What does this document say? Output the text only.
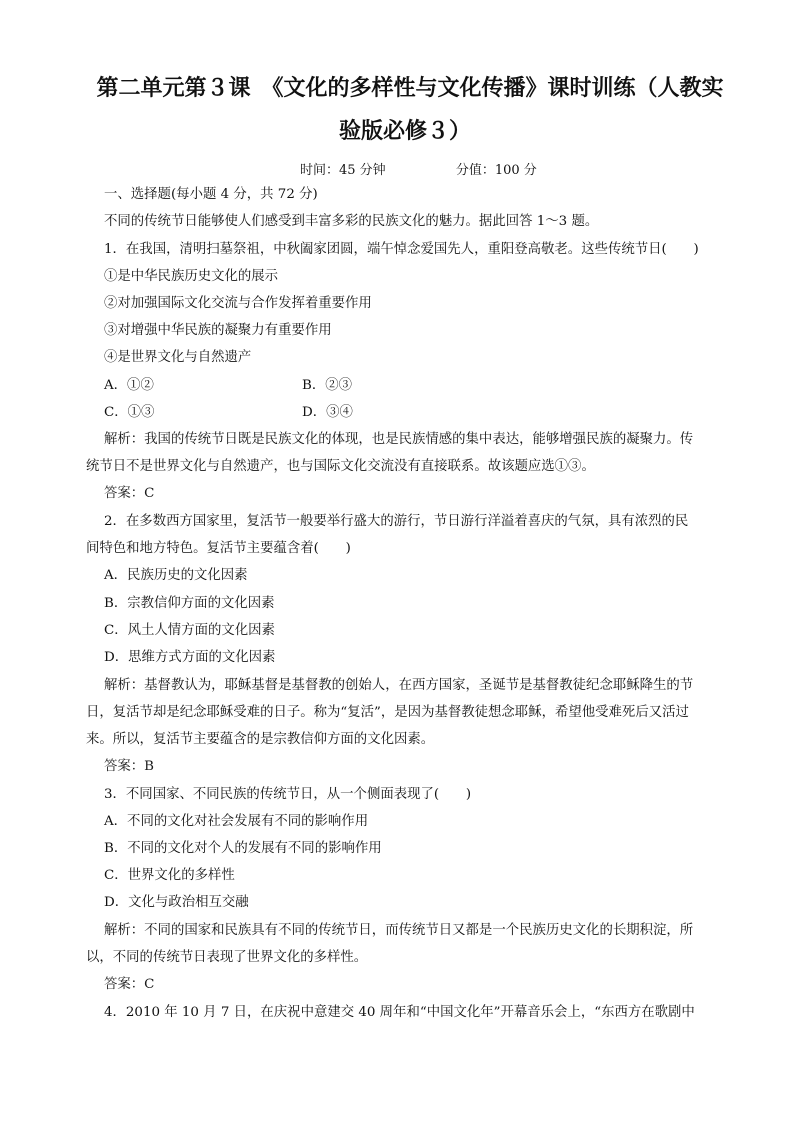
第二单元第３课　《文化的多样性与文化传播》课时训练（人教实
验版必修３）
时间：45 分钟	分值：100 分
一、选择题(每小题 4 分，共 72 分)
不同的传统节日能够使人们感受到丰富多彩的民族文化的魅力。据此回答 1～3 题。
1．在我国，清明扫墓祭祖，中秋阖家团圆，端午悼念爱国先人，重阳登高敬老。这些传统节日(　　)
①是中华民族历史文化的展示
②对加强国际文化交流与合作发挥着重要作用
③对增强中华民族的凝聚力有重要作用
④是世界文化与自然遗产
A．①②	B．②③
C．①③	D．③④
解析：我国的传统节日既是民族文化的体现，也是民族情感的集中表达，能够增强民族的凝聚力。传
统节日不是世界文化与自然遗产，也与国际文化交流没有直接联系。故该题应选①③。
答案：C
2．在多数西方国家里，复活节一般要举行盛大的游行，节日游行洋溢着喜庆的气氛，具有浓烈的民
间特色和地方特色。复活节主要蕴含着(　　)
A．民族历史的文化因素
B．宗教信仰方面的文化因素
C．风土人情方面的文化因素
D．思维方式方面的文化因素
解析：基督教认为，耶稣基督是基督教的创始人，在西方国家，圣诞节是基督教徒纪念耶稣降生的节
日，复活节却是纪念耶稣受难的日子。称为“复活”，是因为基督教徒想念耶稣，希望他受难死后又活过
来。所以，复活节主要蕴含的是宗教信仰方面的文化因素。
答案：B
3．不同国家、不同民族的传统节日，从一个侧面表现了(　　)
A．不同的文化对社会发展有不同的影响作用
B．不同的文化对个人的发展有不同的影响作用
C．世界文化的多样性
D．文化与政治相互交融
解析：不同的国家和民族具有不同的传统节日，而传统节日又都是一个民族历史文化的长期积淀，所
以，不同的传统节日表现了世界文化的多样性。
答案：C
4．2010 年 10 月 7 日，在庆祝中意建交 40 周年和“中国文化年”开幕音乐会上，“东西方在歌剧中
